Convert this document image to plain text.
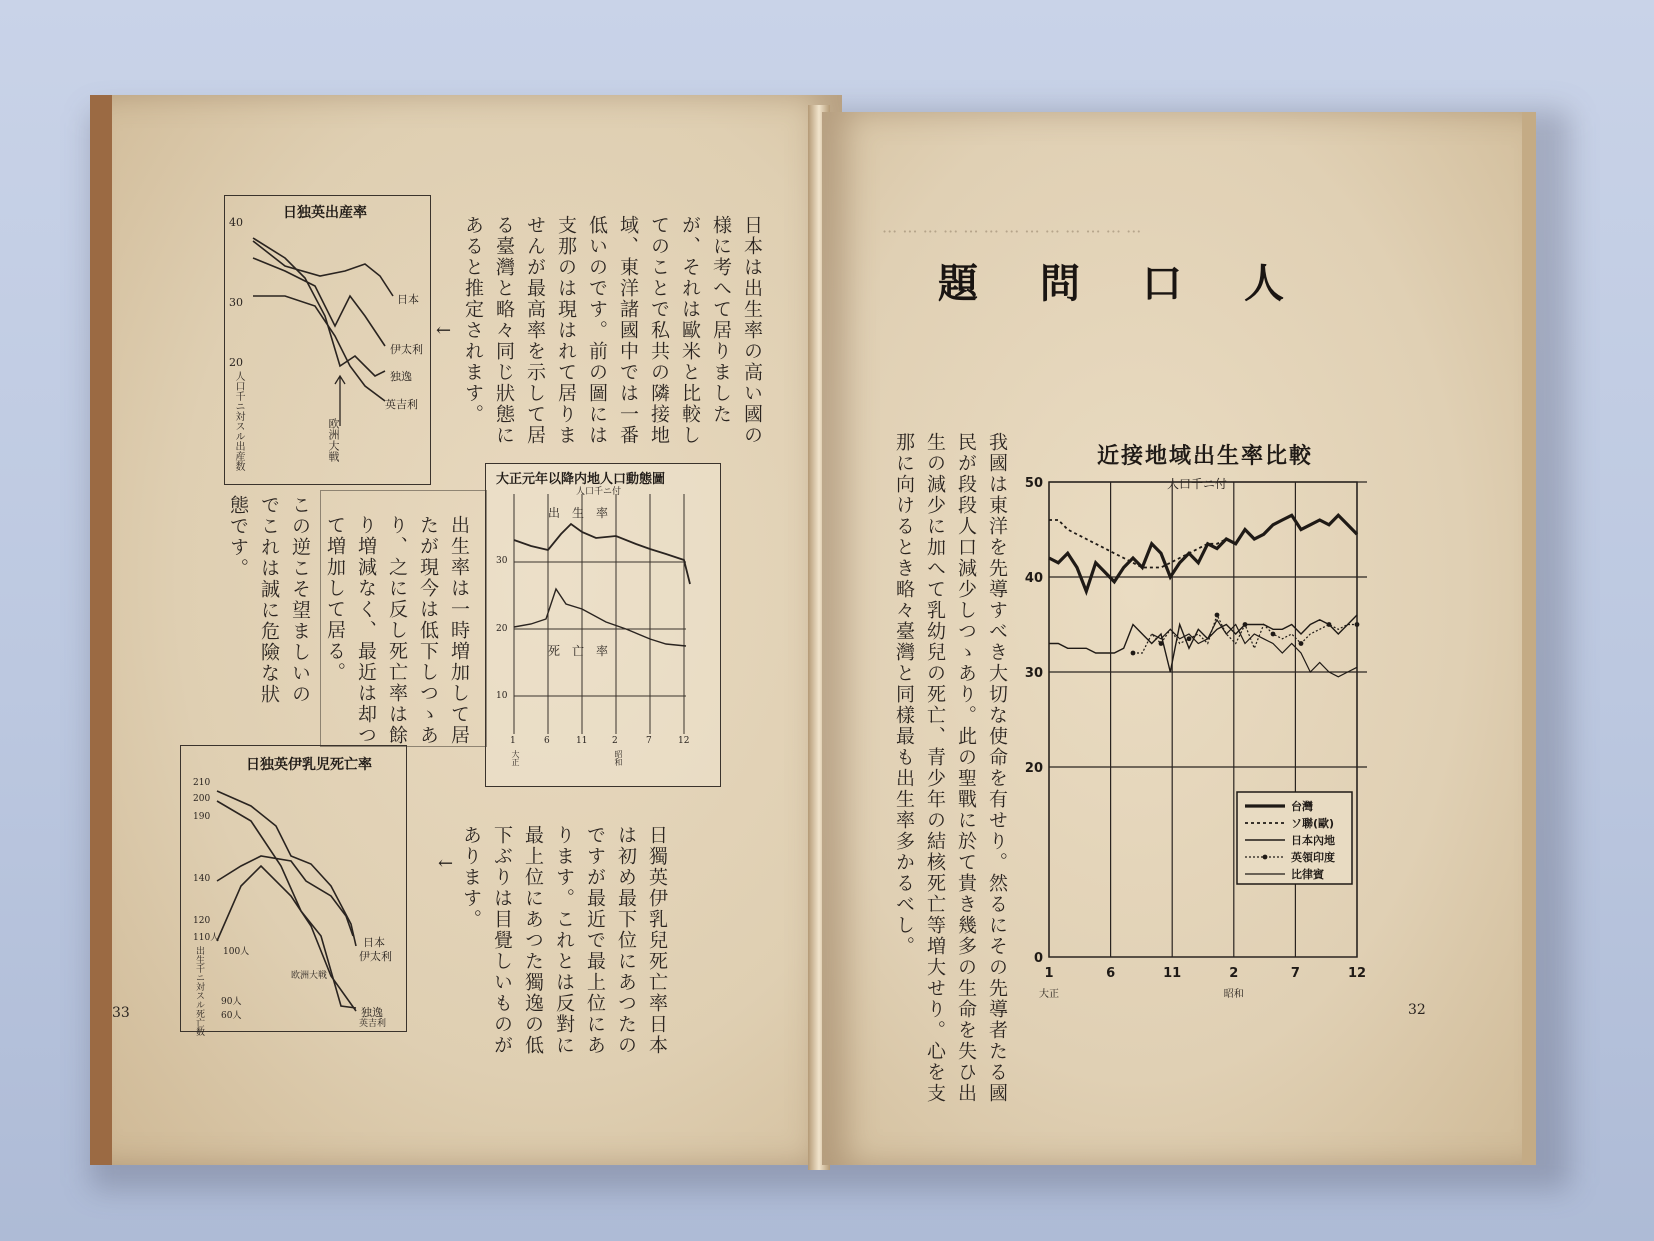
日独英出産率
40
30
20
人口千ニ対スル出産数
日本
伊太利
独逸
英吉利
欧洲大戦
←	日本は出生率の高い國の様に考へて居りましたが、それは歐米と比較してのことで私共の隣接地域、東洋諸國中では一番低いのです。前の圖には支那のは現はれて居りませんが最高率を示して居る臺灣と略々同じ狀態にあると推定されます。
大正元年以降内地人口動態圖
人口千ニ付
出　生　率
死　亡　率
30
20
10
1	6	11	2	7	12
大正	昭和
出生率は一時増加して居たが現今は低下しつゝあり、之に反し死亡率は餘り増減なく、最近は却つて増加して居る。
この逆こそ望ましいのでこれは誠に危險な狀態です。
日独英伊乳児死亡率
210
200
190
140
120
110人
100人
90人
60人
出生千ニ対スル死亡数
日本
伊太利
独逸
英吉利
欧洲大戦
←	日獨英伊乳兒死亡率日本は初め最下位にあつたのですが最近で最上位にあります。これとは反對に最上位にあつた獨逸の低下ぶりは目覺しいものがあります。
33
··· ··· ··· ··· ··· ··· ··· ··· ··· ··· ··· ··· ···
人口問題
我國は東洋を先導すべき大切な使命を有せり。然るにその先導者たる國民が段段人口減少しつゝあり。此の聖戰に於て貴き幾多の生命を失ひ出生の減少に加へて乳幼兒の死亡、青少年の結核死亡等増大せり。心を支那に向けるとき略々臺灣と同樣最も出生率多かるべし。	近接地域出生率比較
人口千ニ付
1	6	11	2	7	12
大正	昭和
0
20
30
40
50
台灣
ソ聯(歐)
日本內地
英領印度
比律賓
32
